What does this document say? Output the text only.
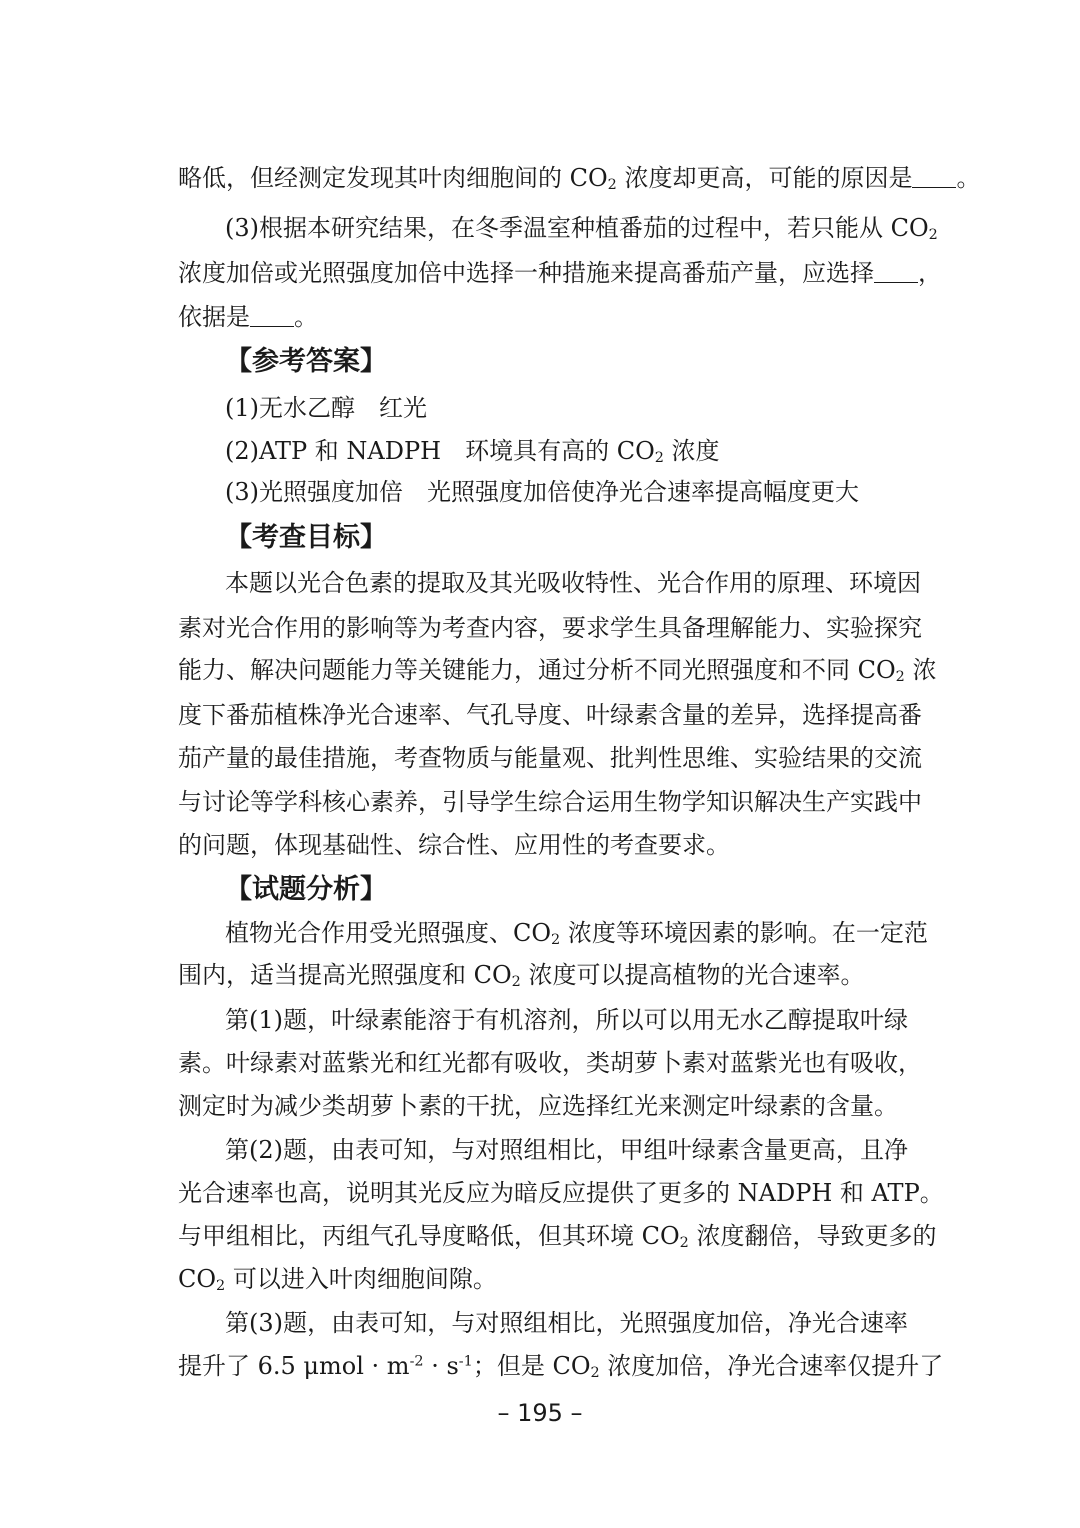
略低，但经测定发现其叶肉细胞间的 $CO_2$ 浓度却更高，可能的原因是 。
(3)根据本研究结果，在冬季温室种植番茄的过程中，若只能从 $CO_2$
浓度加倍或光照强度加倍中选择一种措施来提高番茄产量，应选择 ，
依据是 。
【参考答案】
(1)无水乙醇　红光
(2)ATP 和 NADPH　环境具有高的 $CO_2$ 浓度
(3)光照强度加倍　光照强度加倍使净光合速率提高幅度更大
【考查目标】
本题以光合色素的提取及其光吸收特性、光合作用的原理、环境因
素对光合作用的影响等为考查内容，要求学生具备理解能力、实验探究
能力、解决问题能力等关键能力，通过分析不同光照强度和不同 $CO_2$ 浓
度下番茄植株净光合速率、气孔导度、叶绿素含量的差异，选择提高番
茄产量的最佳措施，考查物质与能量观、批判性思维、实验结果的交流
与讨论等学科核心素养，引导学生综合运用生物学知识解决生产实践中
的问题，体现基础性、综合性、应用性的考查要求。
【试题分析】
植物光合作用受光照强度、$CO_2$ 浓度等环境因素的影响。在一定范
围内，适当提高光照强度和 $CO_2$ 浓度可以提高植物的光合速率。
第(1)题，叶绿素能溶于有机溶剂，所以可以用无水乙醇提取叶绿
素。叶绿素对蓝紫光和红光都有吸收，类胡萝卜素对蓝紫光也有吸收，
测定时为减少类胡萝卜素的干扰，应选择红光来测定叶绿素的含量。
第(2)题，由表可知，与对照组相比，甲组叶绿素含量更高，且净
光合速率也高，说明其光反应为暗反应提供了更多的 NADPH 和 ATP。
与甲组相比，丙组气孔导度略低，但其环境 $CO_2$ 浓度翻倍，导致更多的
$CO_2$ 可以进入叶肉细胞间隙。
第(3)题，由表可知，与对照组相比，光照强度加倍，净光合速率
提升了 6.5 $\mu mol \cdot m^{-2} \cdot s^{-1}$；但是 $CO_2$ 浓度加倍，净光合速率仅提升了
– 195 –
